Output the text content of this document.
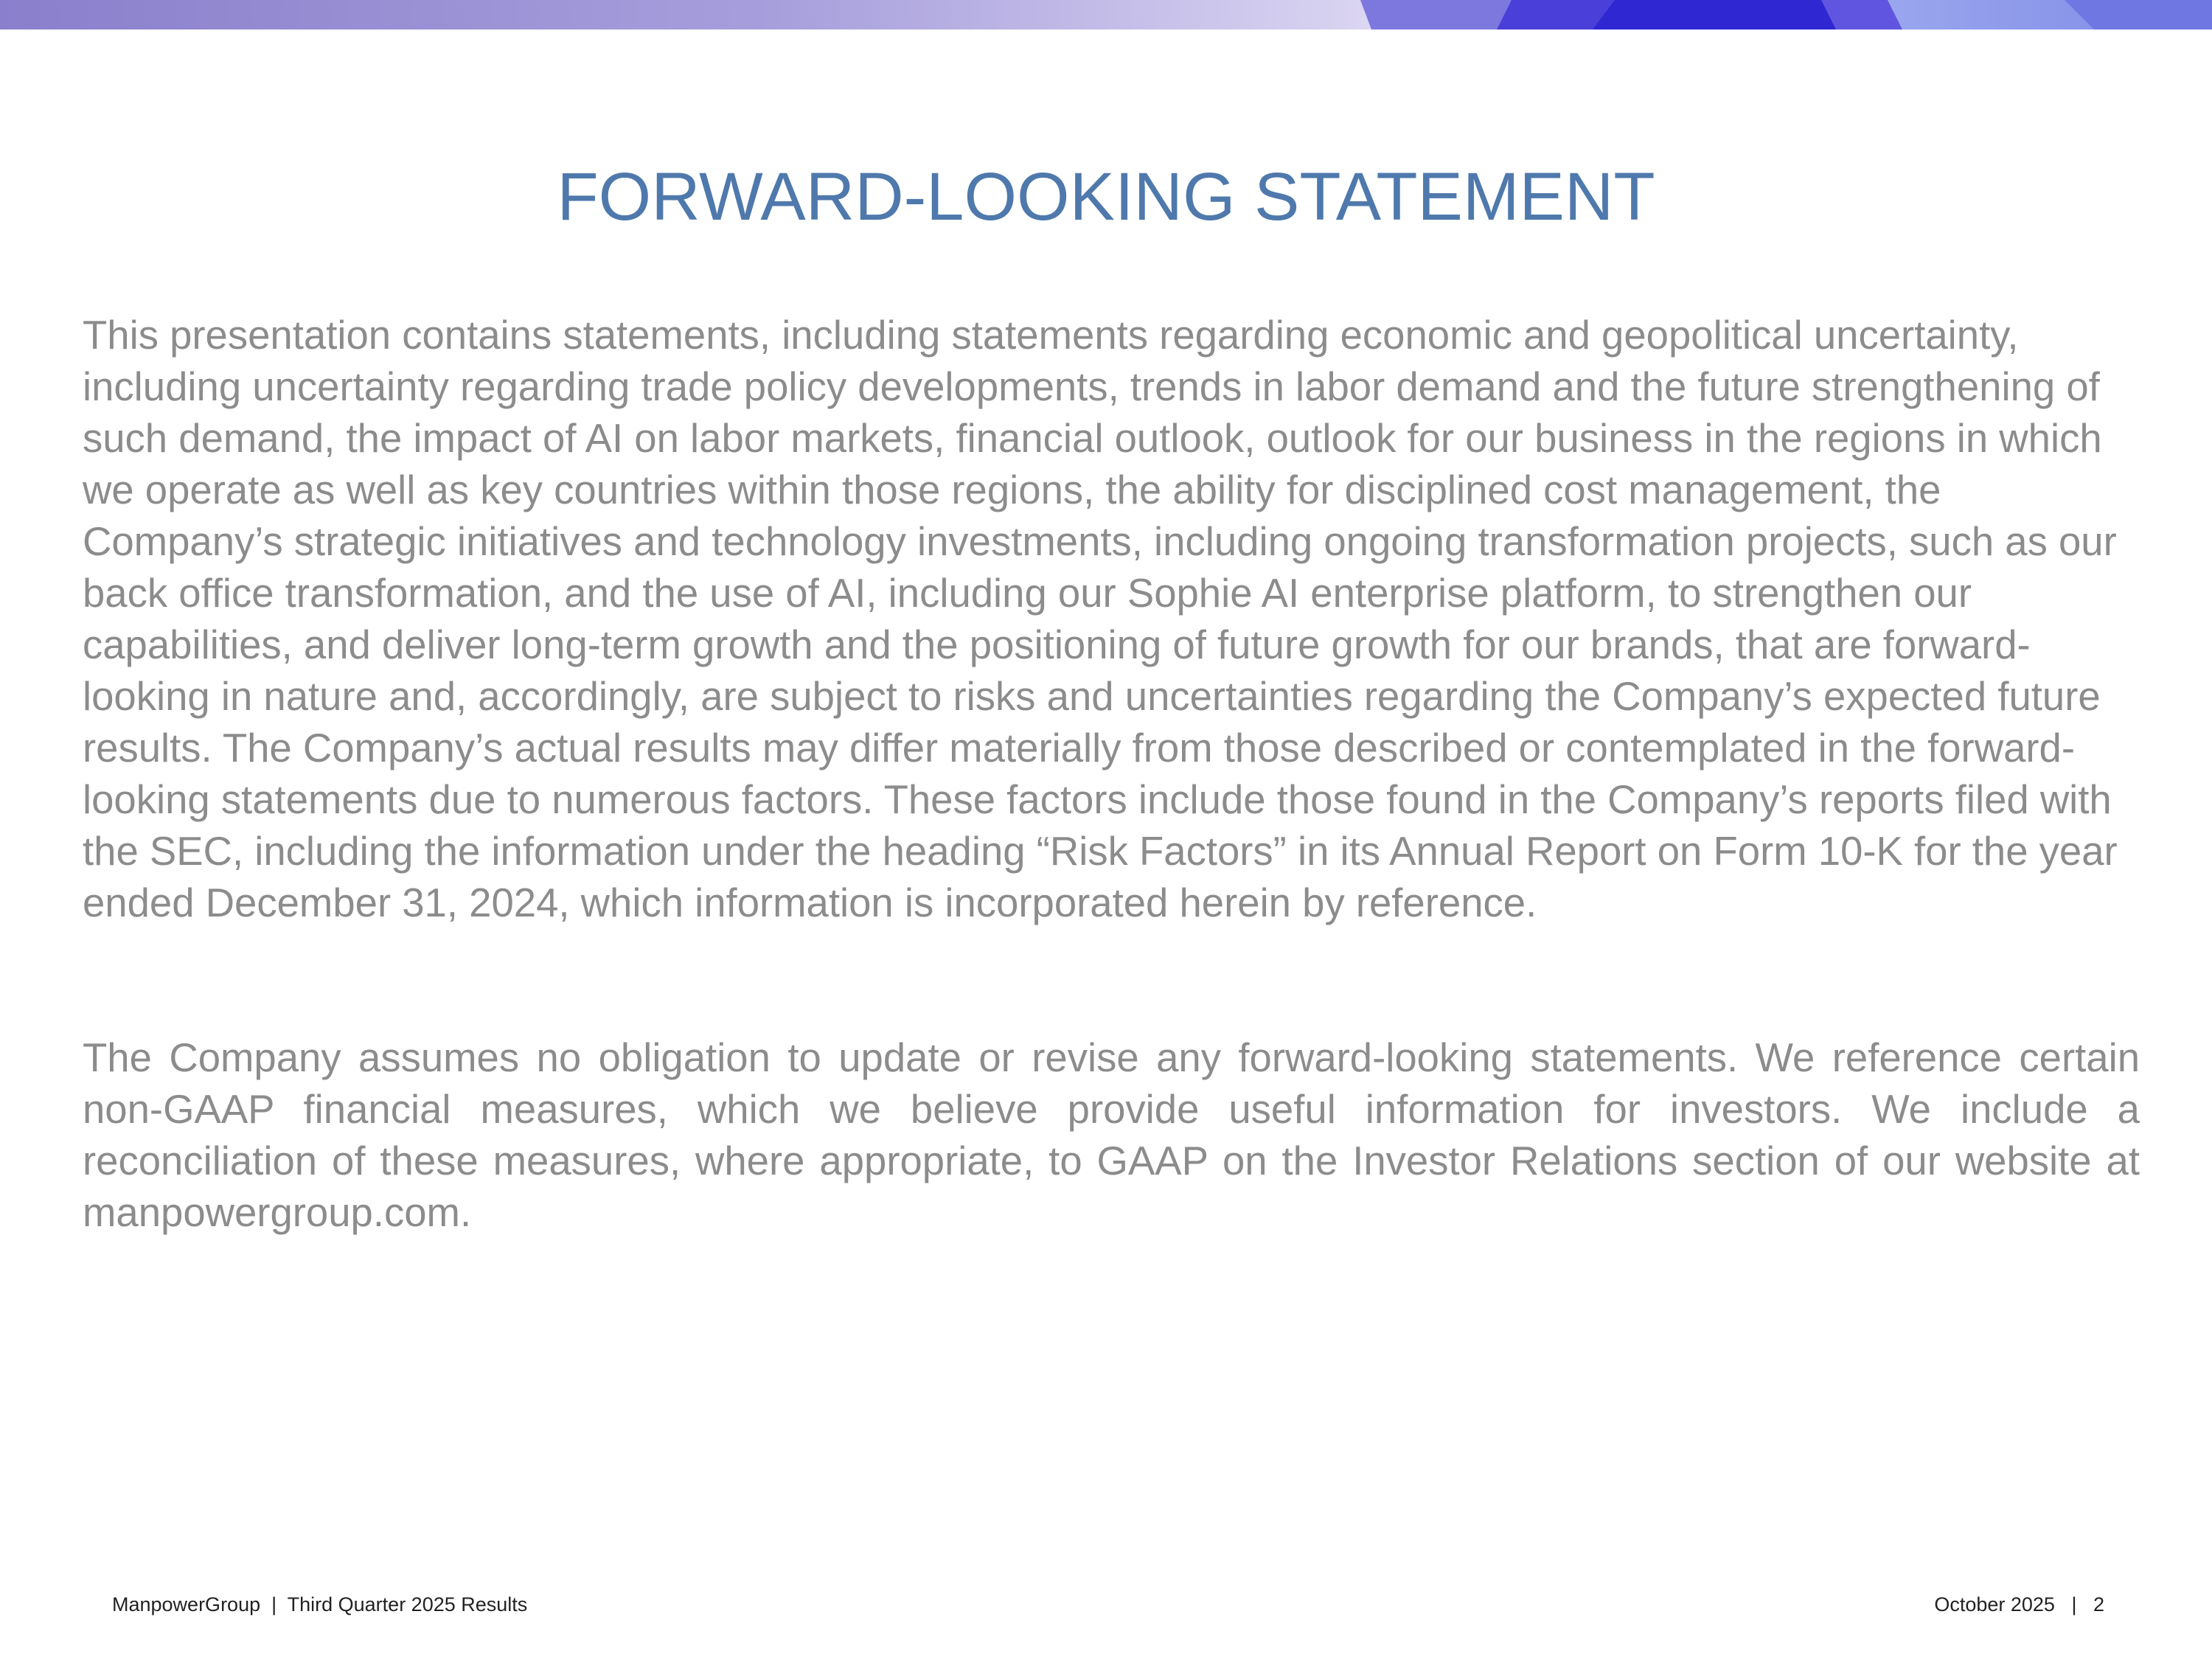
FORWARD-LOOKING STATEMENT

This presentation contains statements, including statements regarding economic and geopolitical uncertainty, including uncertainty regarding trade policy developments, trends in labor demand and the future strengthening of such demand, the impact of AI on labor markets, financial outlook, outlook for our business in the regions in which we operate as well as key countries within those regions, the ability for disciplined cost management, the Company’s strategic initiatives and technology investments, including ongoing transformation projects, such as our back office transformation, and the use of AI, including our Sophie AI enterprise platform, to strengthen our capabilities, and deliver long-term growth and the positioning of future growth for our brands, that are forward-looking in nature and, accordingly, are subject to risks and uncertainties regarding the Company’s expected future results. The Company’s actual results may differ materially from those described or contemplated in the forward-looking statements due to numerous factors. These factors include those found in the Company’s reports filed with the SEC, including the information under the heading “Risk Factors” in its Annual Report on Form 10-K for the year ended December 31, 2024, which information is incorporated herein by reference.

The Company assumes no obligation to update or revise any forward-looking statements. We reference certain non-GAAP financial measures, which we believe provide useful information for investors. We include a reconciliation of these measures, where appropriate, to GAAP on the Investor Relations section of our website at manpowergroup.com.

ManpowerGroup  |  Third Quarter 2025 Results	October 2025   |   2
